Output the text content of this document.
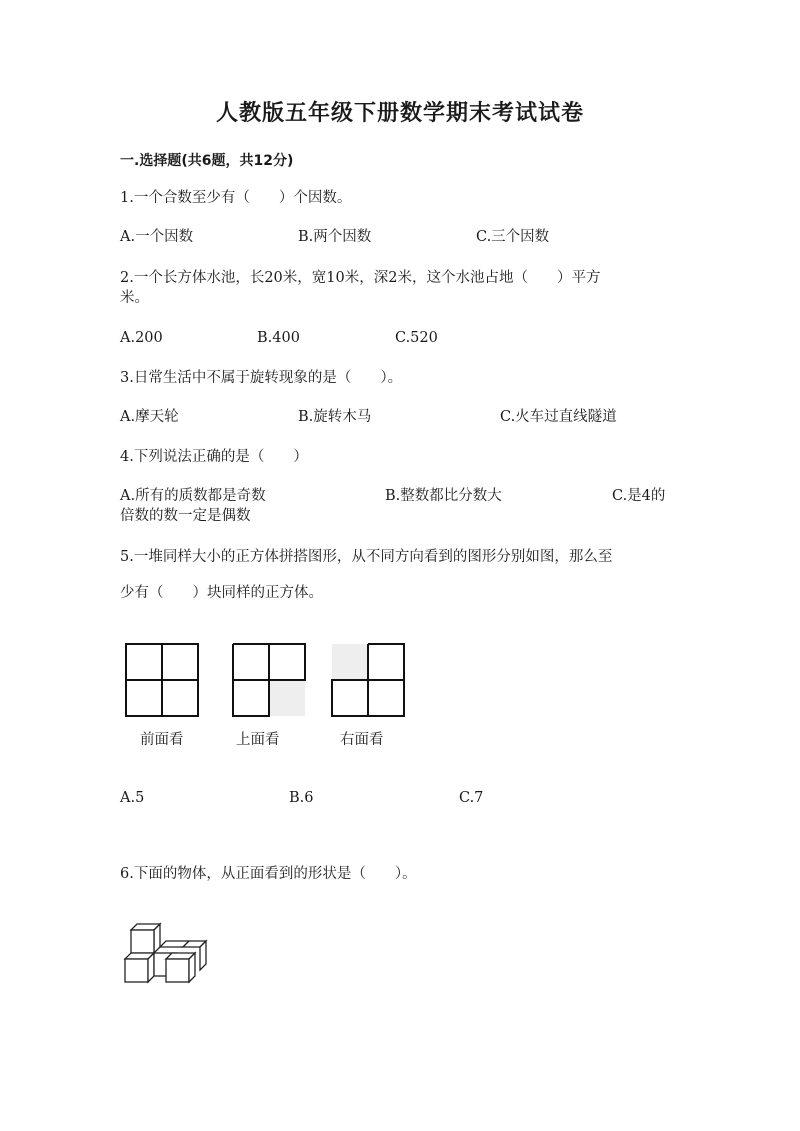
人教版五年级下册数学期末考试试卷
一.选择题(共6题，共12分)
1.一个合数至少有（　　）个因数。
A.一个因数	B.两个因数	C.三个因数
2.一个长方体水池，长20米，宽10米，深2米，这个水池占地（　　）平方
米。
A.200	B.400	C.520
3.日常生活中不属于旋转现象的是（　　）。
A.摩天轮	B.旋转木马	C.火车过直线隧道
4.下列说法正确的是（　　）
A.所有的质数都是奇数	B.整数都比分数大	C.是4的
倍数的数一定是偶数
5.一堆同样大小的正方体拼搭图形，从不同方向看到的图形分别如图，那么至
少有（　　）块同样的正方体。
前面看	上面看	右面看
A.5	B.6	C.7
6.下面的物体，从正面看到的形状是（　　）。
